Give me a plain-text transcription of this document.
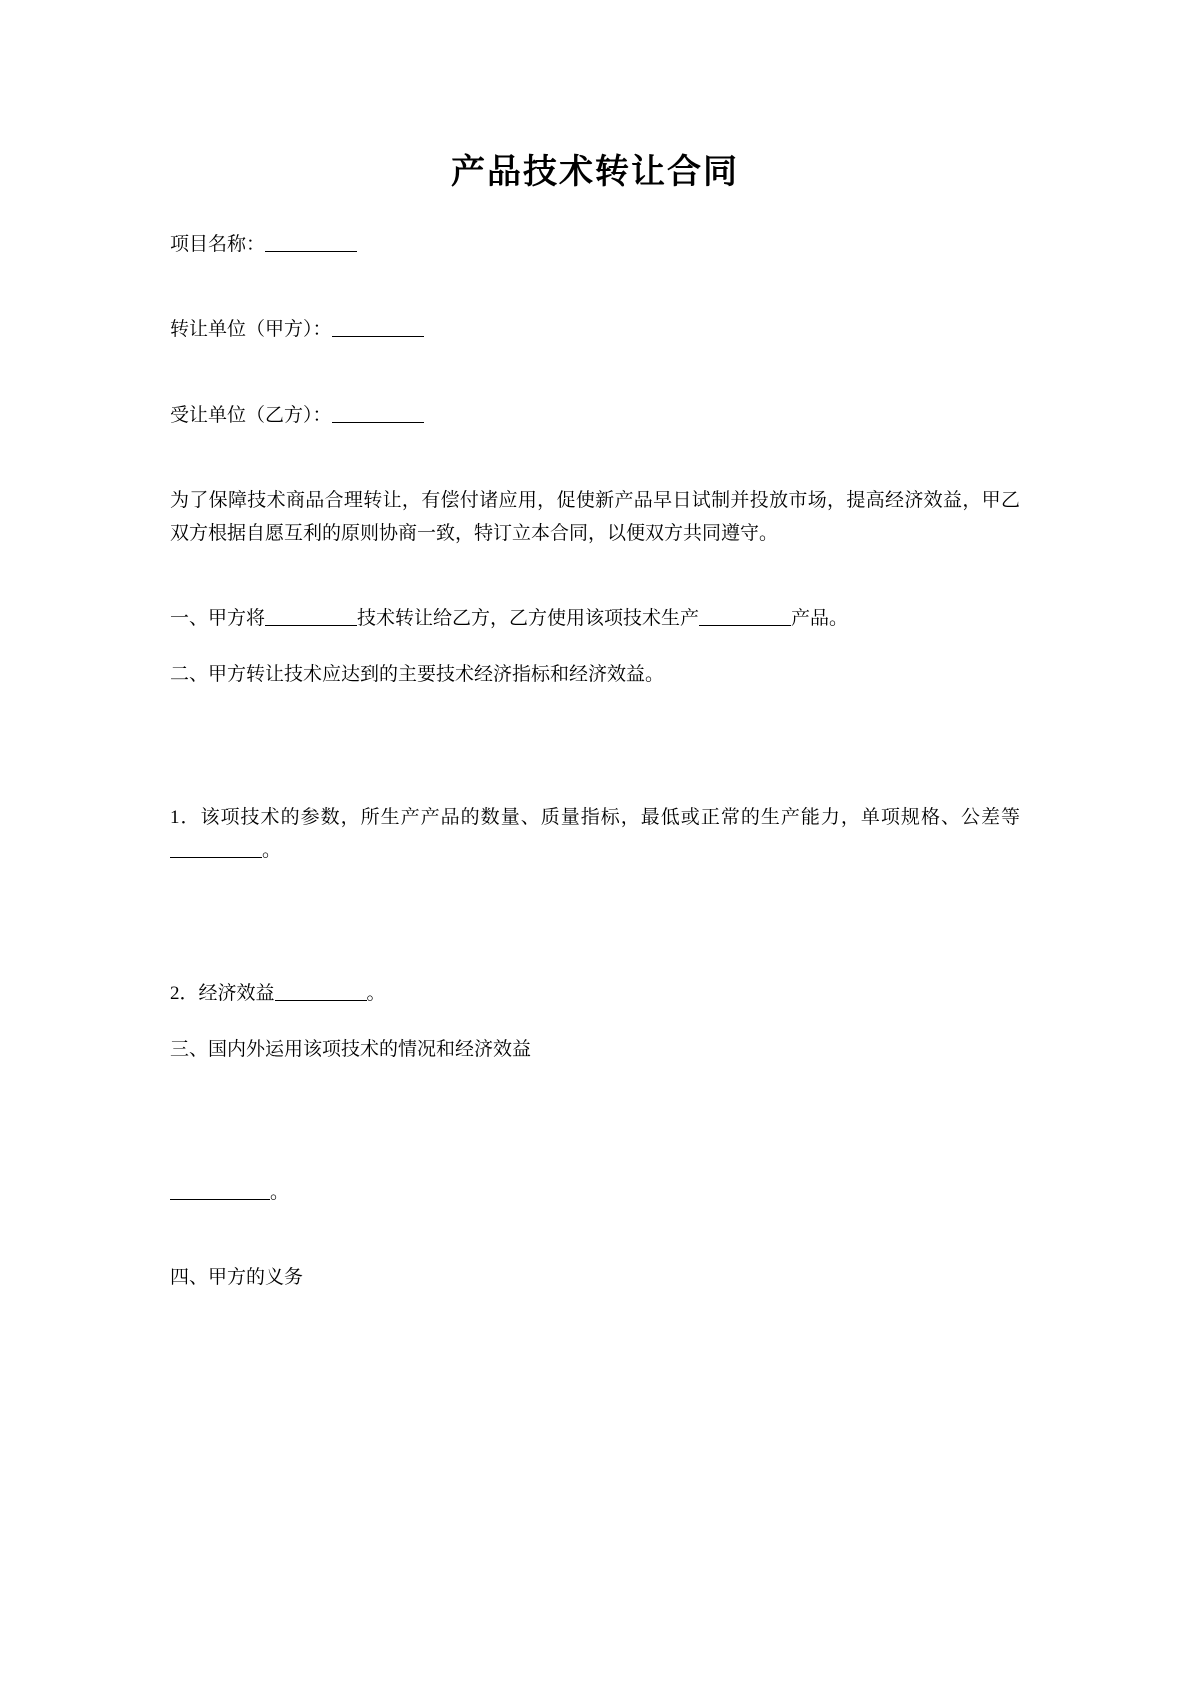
产品技术转让合同

项目名称：

转让单位（甲方）：

受让单位（乙方）：

为了保障技术商品合理转让，有偿付诸应用，促使新产品早日试制并投放市场，提高经济效益，甲乙双方根据自愿互利的原则协商一致，特订立本合同，以便双方共同遵守。

一、甲方将	技术转让给乙方，乙方使用该项技术生产	产品。

二、甲方转让技术应达到的主要技术经济指标和经济效益。

1．该项技术的参数，所生产产品的数量、质量指标，最低或正常的生产能力，单项规格、公差等。

2．经济效益	。

三、国内外运用该项技术的情况和经济效益

。

四、甲方的义务
